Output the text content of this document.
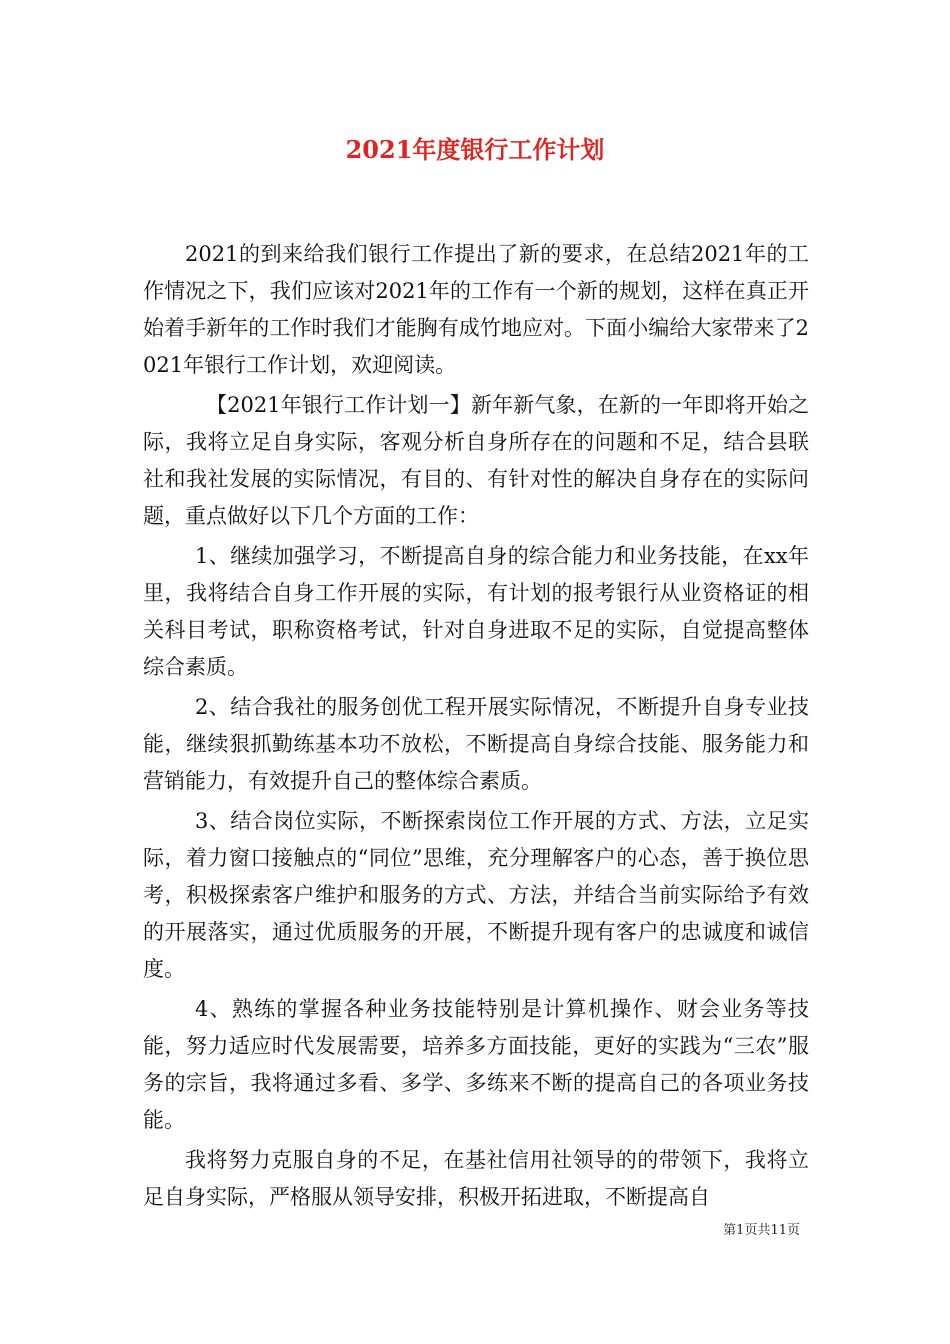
2021年度银行工作计划

2021的到来给我们银行工作提出了新的要求，在总结2021年的工作情况之下，我们应该对2021年的工作有一个新的规划，这样在真正开始着手新年的工作时我们才能胸有成竹地应对。下面小编给大家带来了2021年银行工作计划，欢迎阅读。

【2021年银行工作计划一】新年新气象，在新的一年即将开始之际，我将立足自身实际，客观分析自身所存在的问题和不足，结合县联社和我社发展的实际情况，有目的、有针对性的解决自身存在的实际问题，重点做好以下几个方面的工作：

1、继续加强学习，不断提高自身的综合能力和业务技能，在xx年里，我将结合自身工作开展的实际，有计划的报考银行从业资格证的相关科目考试，职称资格考试，针对自身进取不足的实际，自觉提高整体综合素质。

2、结合我社的服务创优工程开展实际情况，不断提升自身专业技能，继续狠抓勤练基本功不放松，不断提高自身综合技能、服务能力和营销能力，有效提升自己的整体综合素质。

3、结合岗位实际，不断探索岗位工作开展的方式、方法，立足实际，着力窗口接触点的“同位”思维，充分理解客户的心态，善于换位思考，积极探索客户维护和服务的方式、方法，并结合当前实际给予有效的开展落实，通过优质服务的开展，不断提升现有客户的忠诚度和诚信度。

4、熟练的掌握各种业务技能特别是计算机操作、财会业务等技能，努力适应时代发展需要，培养多方面技能，更好的实践为“三农”服务的宗旨，我将通过多看、多学、多练来不断的提高自己的各项业务技能。

我将努力克服自身的不足，在基社信用社领导的的带领下，我将立足自身实际，严格服从领导安排，积极开拓进取，不断提高自

第1页共11页
